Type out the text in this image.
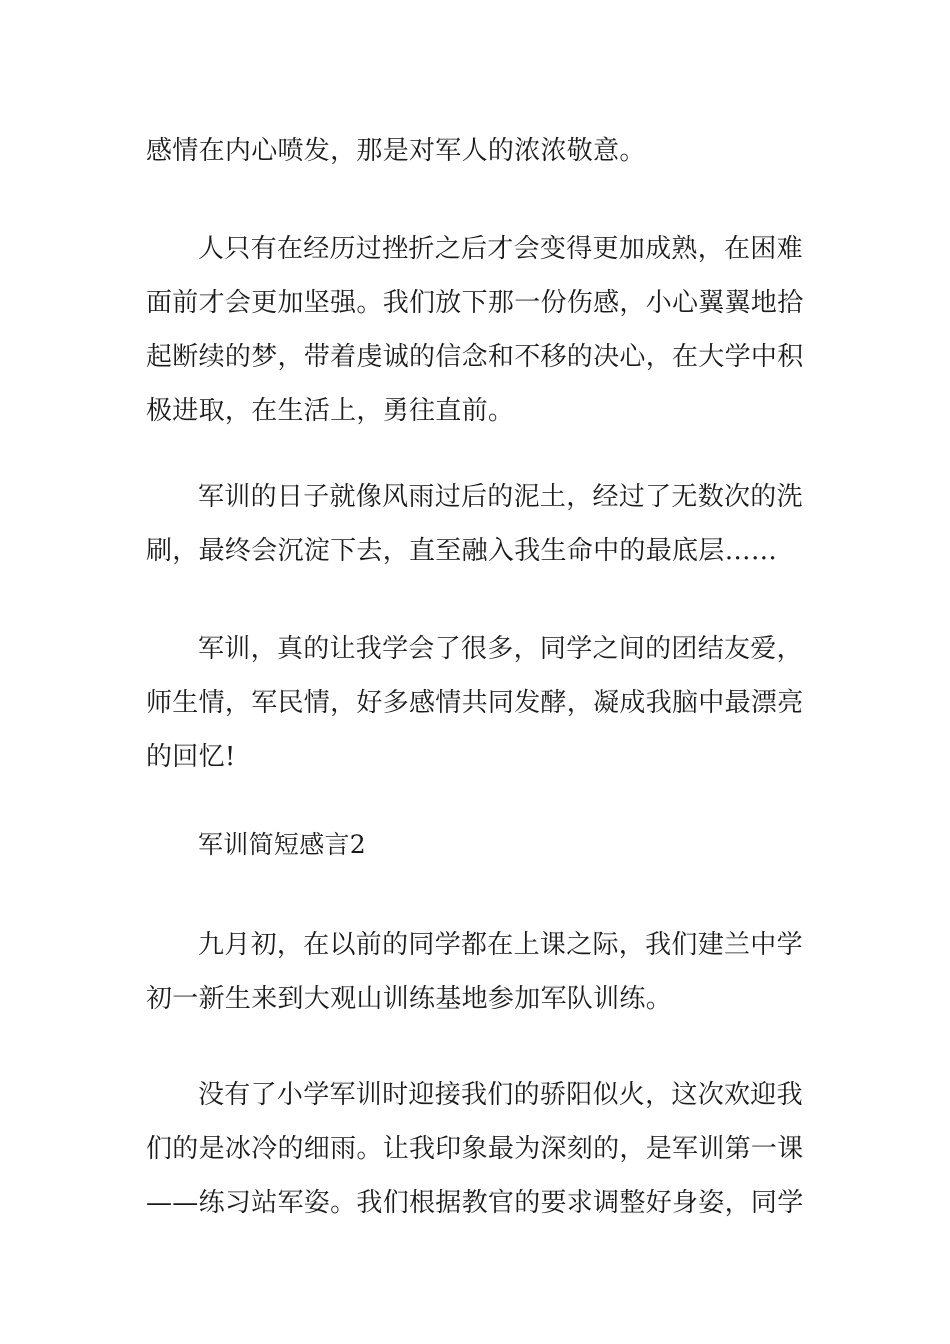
感情在内心喷发，那是对军人的浓浓敬意。

人只有在经历过挫折之后才会变得更加成熟，在困难面前才会更加坚强。我们放下那一份伤感，小心翼翼地拾起断续的梦，带着虔诚的信念和不移的决心，在大学中积极进取，在生活上，勇往直前。

军训的日子就像风雨过后的泥土，经过了无数次的洗刷，最终会沉淀下去，直至融入我生命中的最底层……

军训，真的让我学会了很多，同学之间的团结友爱，师生情，军民情，好多感情共同发酵，凝成我脑中最漂亮的回忆!

军训简短感言2

九月初，在以前的同学都在上课之际，我们建兰中学初一新生来到大观山训练基地参加军队训练。

没有了小学军训时迎接我们的骄阳似火，这次欢迎我们的是冰冷的细雨。让我印象最为深刻的，是军训第一课——练习站军姿。我们根据教官的要求调整好身姿，同学
